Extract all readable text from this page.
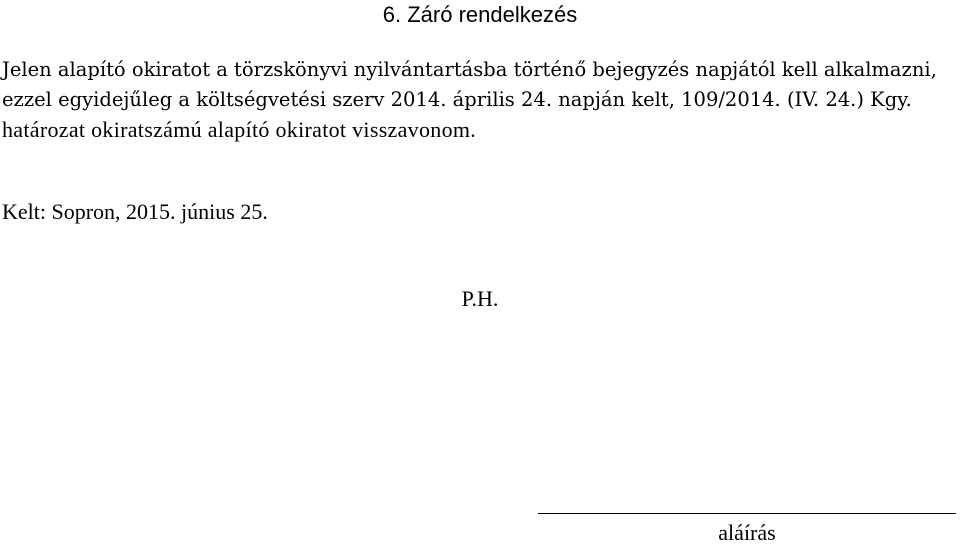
6. Záró rendelkezés

Jelen alapító okiratot a törzskönyvi nyilvántartásba történő bejegyzés napjától kell alkalmazni,
ezzel egyidejűleg a költségvetési szerv 2014. április 24. napján kelt, 109/2014. (IV. 24.) Kgy.
határozat okiratszámú alapító okiratot visszavonom.

Kelt: Sopron, 2015. június 25.

P.H.

aláírás
